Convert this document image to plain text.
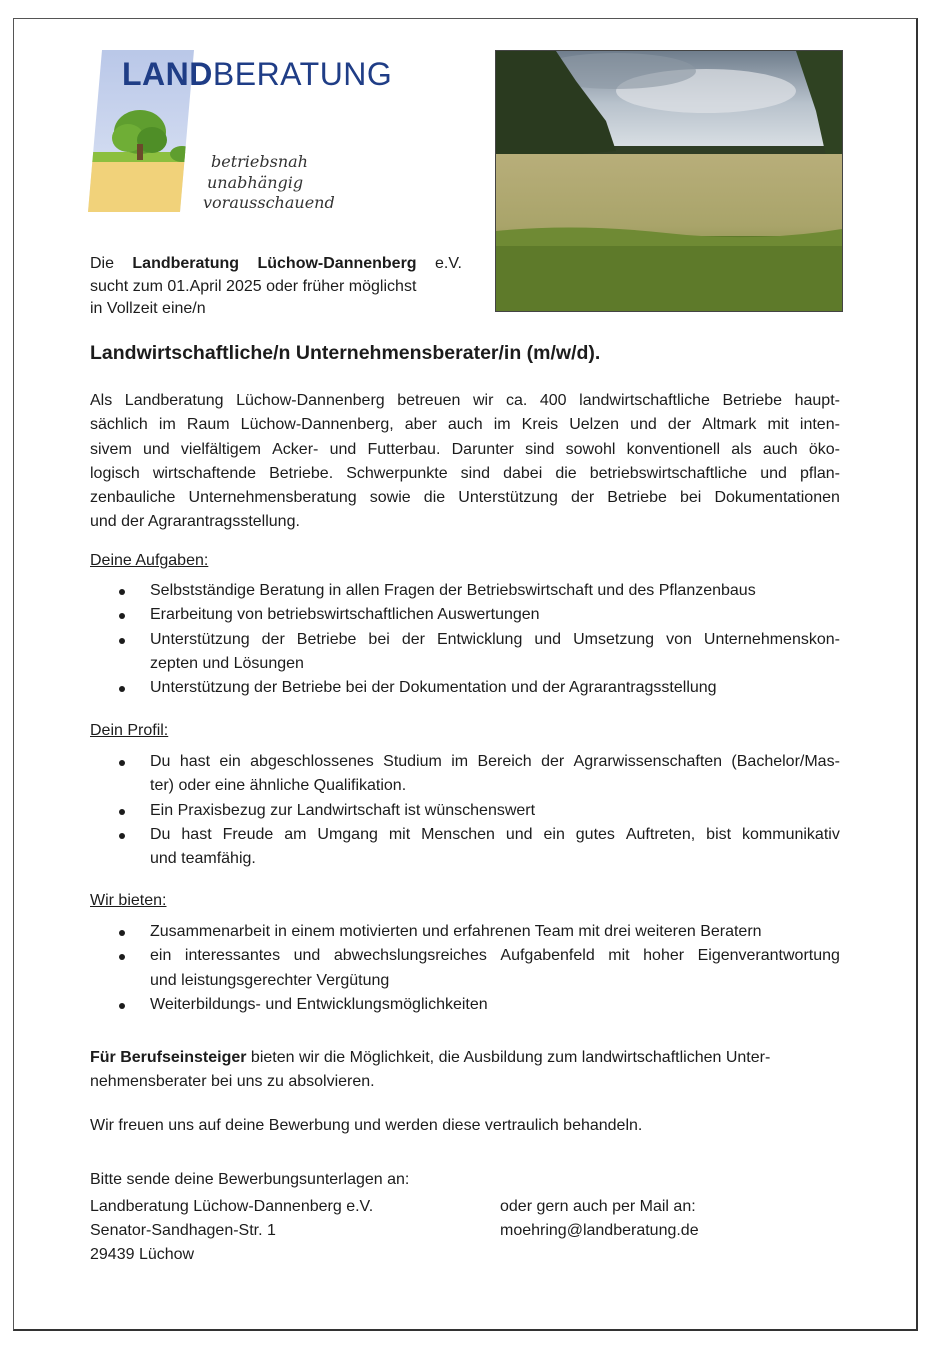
LANDBERATUNG
betriebsnah
unabhängig
vorausschauend

Die Landberatung Lüchow-Dannenberg e.V.

sucht zum 01.April 2025 oder früher möglichst

in Vollzeit eine/n

Landwirtschaftliche/n Unternehmensberater/in (m/w/d).
Als Landberatung Lüchow-Dannenberg betreuen wir ca. 400 landwirtschaftliche Betriebe haupt-
sächlich im Raum Lüchow-Dannenberg, aber auch im Kreis Uelzen und der Altmark mit inten-
sivem und vielfältigem Acker- und Futterbau. Darunter sind sowohl konventionell als auch öko-
logisch wirtschaftende Betriebe. Schwerpunkte sind dabei die betriebswirtschaftliche und pflan-
zenbauliche Unternehmensberatung sowie die Unterstützung der Betriebe bei Dokumentationen
und der Agrarantragsstellung.
Deine Aufgaben:
Selbstständige Beratung in allen Fragen der Betriebswirtschaft und des Pflanzenbaus
Erarbeitung von betriebswirtschaftlichen Auswertungen
Unterstützung der Betriebe bei der Entwicklung und Umsetzung von Unternehmenskon-
zepten und Lösungen
Unterstützung der Betriebe bei der Dokumentation und der Agrarantragsstellung
Dein Profil:
Du hast ein abgeschlossenes Studium im Bereich der Agrarwissenschaften (Bachelor/Mas-
ter) oder eine ähnliche Qualifikation.
Ein Praxisbezug zur Landwirtschaft ist wünschenswert
Du hast Freude am Umgang mit Menschen und ein gutes Auftreten, bist kommunikativ
und teamfähig.
Wir bieten:
Zusammenarbeit in einem motivierten und erfahrenen Team mit drei weiteren Beratern
ein interessantes und abwechslungsreiches Aufgabenfeld mit hoher Eigenverantwortung
und leistungsgerechter Vergütung
Weiterbildungs- und Entwicklungsmöglichkeiten
Für Berufseinsteiger bieten wir die Möglichkeit, die Ausbildung zum landwirtschaftlichen Unter-
nehmensberater bei uns zu absolvieren.
Wir freuen uns auf deine Bewerbung und werden diese vertraulich behandeln.
Bitte sende deine Bewerbungsunterlagen an:
Landberatung Lüchow-Dannenberg e.V.
Senator-Sandhagen-Str. 1
29439 Lüchow
oder gern auch per Mail an:
moehring@landberatung.de
